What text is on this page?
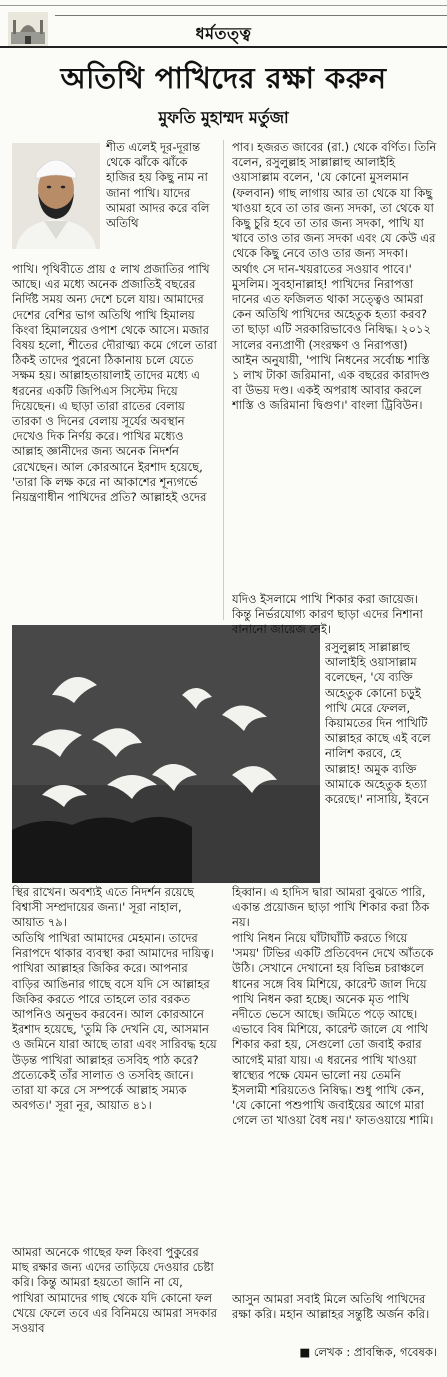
ধর্মতত্ত্ব
অতিথি পাখিদের রক্ষা করুন
মুফতি মুহাম্মদ মর্তুজা

শীত এলেই দূর-দূরান্ত থেকে ঝাঁকে ঝাঁকে হাজির হয় কিছু নাম না জানা পাখি। যাদের আমরা আদর করে বলি অতিথি

পাখি। পৃথিবীতে প্রায় ৫ লাখ প্রজাতির পাখি আছে। এর মধ্যে অনেক প্রজাতিই বছরের নির্দিষ্ট সময় অন্য দেশে চলে যায়। আমাদের দেশের বেশির ভাগ অতিথি পাখি হিমালয় কিংবা হিমালয়ের ওপাশ থেকে আসে। মজার বিষয় হলো, শীতের দৌরাত্ম্য কমে গেলে তারা ঠিকই তাদের পুরনো ঠিকানায় চলে যেতে সক্ষম হয়। আল্লাহতায়ালাই তাদের মধ্যে এ ধরনের একটি জিপিএস সিস্টেম দিয়ে দিয়েছেন। এ ছাড়া তারা রাতের বেলায় তারকা ও দিনের বেলায় সূর্যের অবস্থান দেখেও দিক নির্ণয় করে। পাখির মধ্যেও আল্লাহ জ্ঞানীদের জন্য অনেক নিদর্শন রেখেছেন। আল কোরআনে ইরশাদ হয়েছে, 'তারা কি লক্ষ করে না আকাশের শূন্যগর্ভে নিয়ন্ত্রণাধীন পাখিদের প্রতি? আল্লাহই ওদের

স্থির রাখেন। অবশ্যই এতে নিদর্শন রয়েছে বিশ্বাসী সম্প্রদায়ের জন্য।' সূরা নাহাল, আয়াত ৭৯।

অতিথি পাখিরা আমাদের মেহমান। তাদের নিরাপদে থাকার ব্যবস্থা করা আমাদের দায়িত্ব। পাখিরা আল্লাহর জিকির করে। আপনার বাড়ির আঙিনার গাছে বসে যদি সে আল্লাহর জিকির করতে পারে তাহলে তার বরকত আপনিও অনুভব করবেন। আল কোরআনে ইরশাদ হয়েছে, 'তুমি কি দেখনি যে, আসমান ও জমিনে যারা আছে তারা এবং সারিবদ্ধ হয়ে উড়ন্ত পাখিরা আল্লাহর তসবিহ পাঠ করে? প্রত্যেকেই তাঁর সালাত ও তসবিহ জানে। তারা যা করে সে সম্পর্কে আল্লাহ সম্যক অবগত।' সূরা নূর, আয়াত ৪১।

আমরা অনেকে গাছের ফল কিংবা পুকুরের মাছ রক্ষার জন্য এদের তাড়িয়ে দেওয়ার চেষ্টা করি। কিন্তু আমরা হয়তো জানি না যে, পাখিরা আমাদের গাছ থেকে যদি কোনো ফল খেয়ে ফেলে তবে এর বিনিময়ে আমরা সদকার সওয়াব

পাব। হজরত জাবের (রা.) থেকে বর্ণিত। তিনি বলেন, রসুলুল্লাহ সাল্লাল্লাহু আলাইহি ওয়াসাল্লাম বলেন, 'যে কোনো মুসলমান (ফলবান) গাছ লাগায় আর তা থেকে যা কিছু খাওয়া হবে তা তার জন্য সদকা, তা থেকে যা কিছু চুরি হবে তা তার জন্য সদকা, পাখি যা খাবে তাও তার জন্য সদকা এবং যে কেউ এর থেকে কিছু নেবে তাও তার জন্য সদকা। অর্থাৎ সে দান-খয়রাতের সওয়াব পাবে।' মুসলিম। সুবহানাল্লাহ! পাখিদের নিরাপত্তা দানের এত ফজিলত থাকা সত্ত্বেও আমরা কেন অতিথি পাখিদের অহেতুক হত্যা করব? তা ছাড়া এটি সরকারিভাবেও নিষিদ্ধ। ২০১২ সালের বন্যপ্রাণী (সংরক্ষণ ও নিরাপত্তা) আইন অনুযায়ী, 'পাখি নিধনের সর্বোচ্চ শাস্তি ১ লাখ টাকা জরিমানা, এক বছরের কারাদণ্ড বা উভয় দণ্ড। একই অপরাধ আবার করলে শাস্তি ও জরিমানা দ্বিগুণ।' বাংলা ট্রিবিউন।

যদিও ইসলামে পাখি শিকার করা জায়েজ। কিন্তু নির্ভরযোগ্য কারণ ছাড়া এদের নিশানা বানানো জায়েজ নেই।

রসুলুল্লাহ সাল্লাল্লাহু আলাইহি ওয়াসাল্লাম বলেছেন, 'যে ব্যক্তি অহেতুক কোনো চড়ুই পাখি মেরে ফেলল, কিয়ামতের দিন পাখিটি আল্লাহর কাছে এই বলে নালিশ করবে, হে আল্লাহ! অমুক ব্যক্তি আমাকে অহেতুক হত্যা করেছে।' নাসায়ি, ইবনে

হিব্বান। এ হাদিস দ্বারা আমরা বুঝতে পারি, একান্ত প্রয়োজন ছাড়া পাখি শিকার করা ঠিক নয়।

পাখি নিধন নিয়ে ঘাঁটাঘাঁটি করতে গিয়ে 'সময়' টিভির একটি প্রতিবেদন দেখে আঁতকে উঠি। সেখানে দেখানো হয় বিভিন্ন চরাঞ্চলে ধানের সঙ্গে বিষ মিশিয়ে, কারেন্ট জাল দিয়ে পাখি নিধন করা হচ্ছে। অনেক মৃত পাখি নদীতে ভেসে আছে। জমিতে পড়ে আছে। এভাবে বিষ মিশিয়ে, কারেন্ট জালে যে পাখি শিকার করা হয়, সেগুলো তো জবাই করার আগেই মারা যায়। এ ধরনের পাখি খাওয়া স্বাস্থ্যের পক্ষে যেমন ভালো নয় তেমনি ইসলামী শরিয়তেও নিষিদ্ধ। শুধু পাখি কেন, 'যে কোনো পশুপাখি জবাইয়ের আগে মারা গেলে তা খাওয়া বৈধ নয়।' ফাতওয়ায়ে শামি।

আসুন আমরা সবাই মিলে অতিথি পাখিদের রক্ষা করি। মহান আল্লাহর সন্তুষ্টি অর্জন করি।

■ লেখক : প্রাবন্ধিক, গবেষক।
